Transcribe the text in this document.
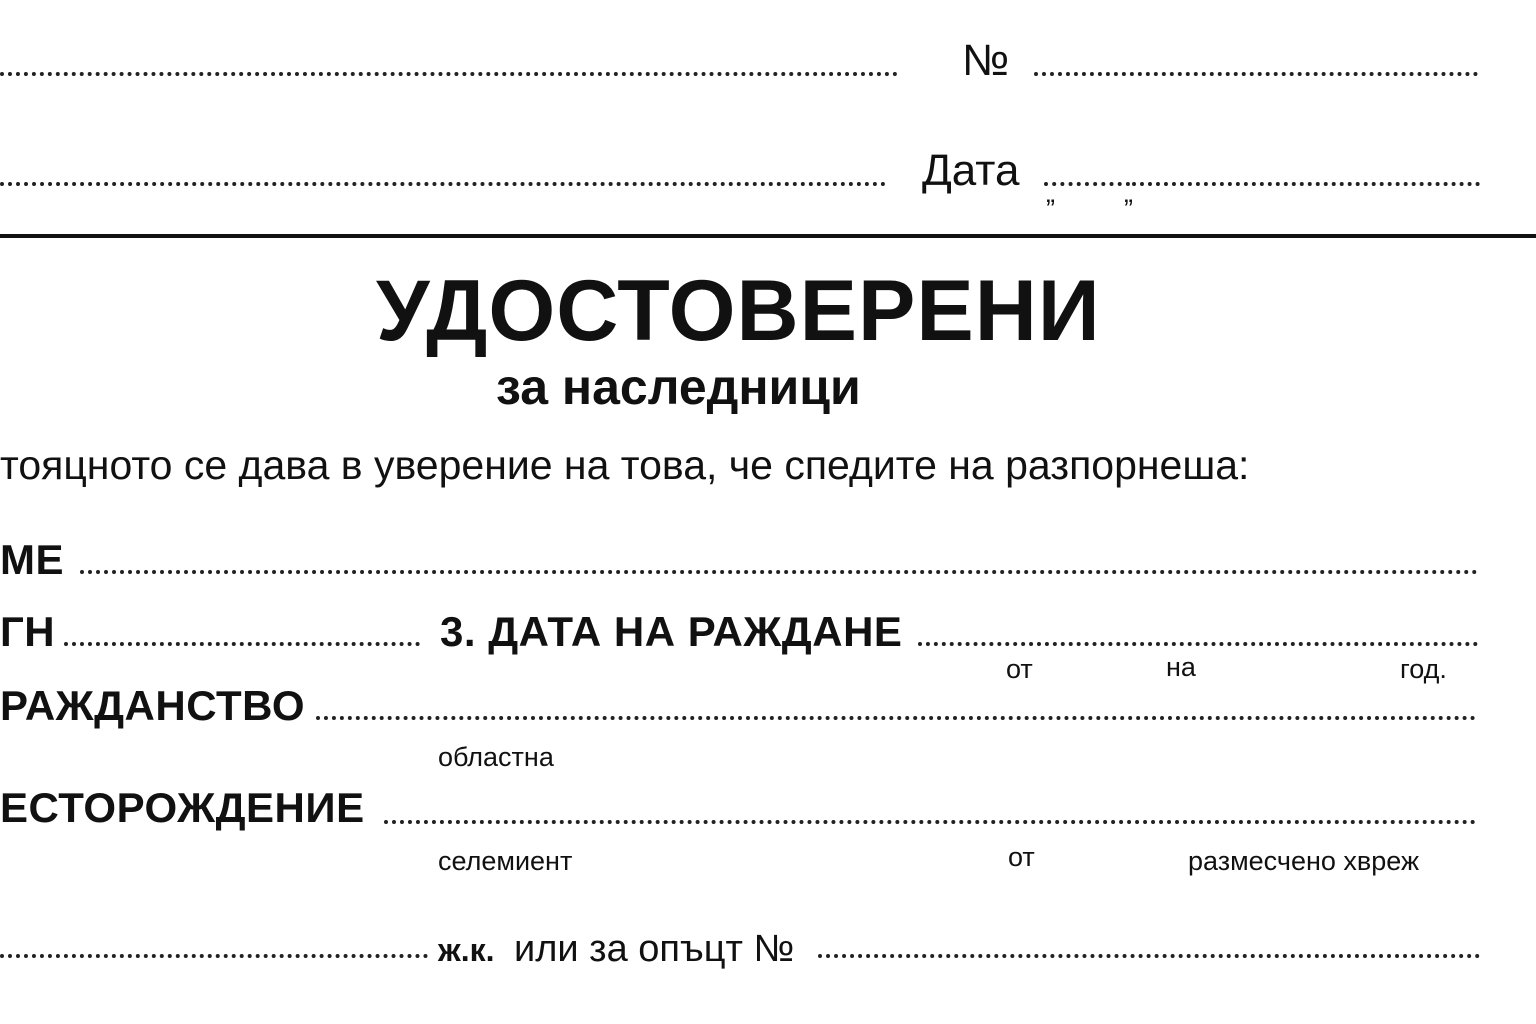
№
Дата „	„
УДОСТОВЕРЕНИ
за наследници
тояцното се дава в уверение на това, че спедите на разпорнеша:
МЕ
ГН	3. ДАТА НА РАЖДАНЕ
от	на	год.
РАЖДАНСТВО
областна
ЕСТОРОЖДЕНИЕ
селемиент	от	размесчено хвреж
ж.к. или за опъцт №
